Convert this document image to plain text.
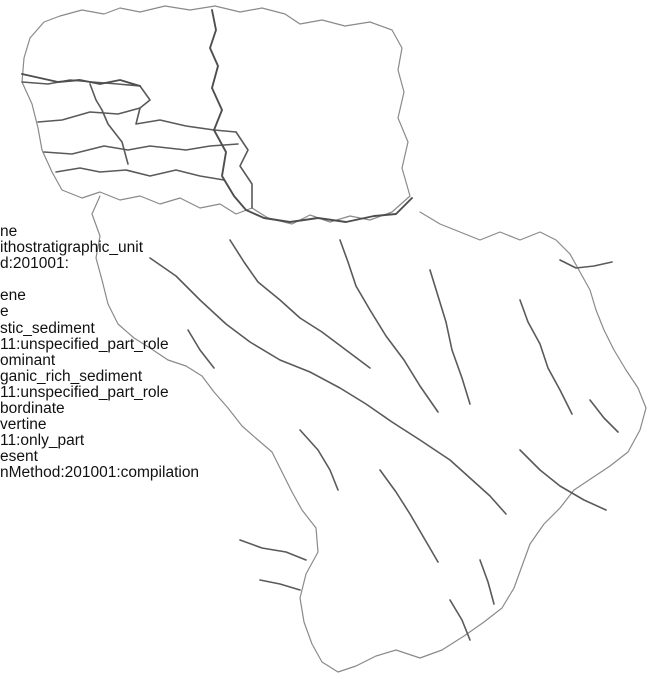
ne
ithostratigraphic_unit
d:201001:

ene
e
stic_sediment
11:unspecified_part_role
ominant
ganic_rich_sediment
11:unspecified_part_role
bordinate
vertine
11:only_part
esent
nMethod:201001:compilation
